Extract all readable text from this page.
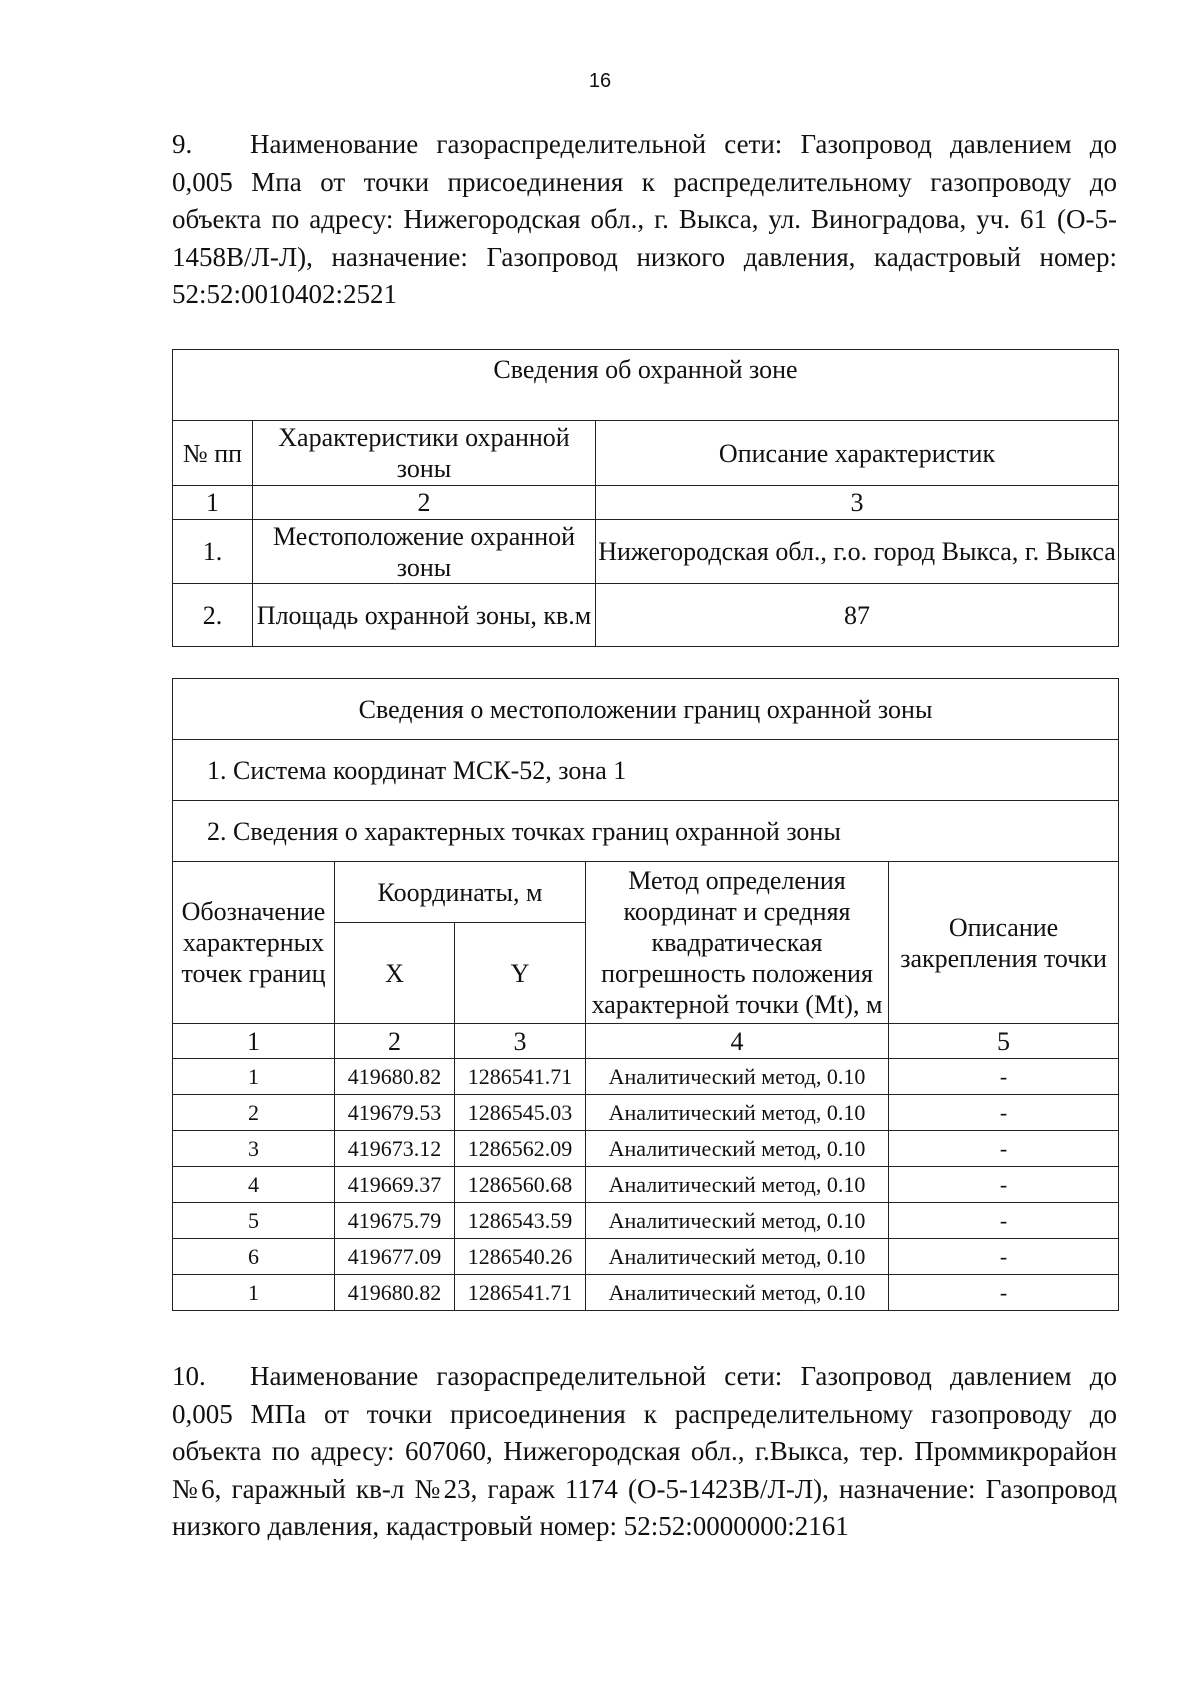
16
9. Наименование газораспределительной сети: Газопровод давлением до 0,005 Мпа от точки присоединения к распределительному газопроводу до объекта по адресу: Нижегородская обл., г. Выкса, ул. Виноградова, уч. 61 (О-5-1458В/Л-Л), назначение: Газопровод низкого давления, кадастровый номер: 52:52:0010402:2521
Сведения об охранной зоне		
№ пп	Характеристики охранной зоны	Описание характеристик
1	2	3
1.	Местоположение охранной зоны	Нижегородская обл., г.о. город Выкса, г. Выкса
2.	Площадь охранной зоны, кв.м	87
Сведения о местоположении границ охранной зоны				
1. Система координат МСК-52, зона 1				
2. Сведения о характерных точках границ охранной зоны				
Обозначение характерных точек границ	Координаты, м		Метод определения координат и средняя квадратическая погрешность положения характерной точки (Mt), м	Описание закрепления точки
	X	Y		
1	2	3	4	5
1	419680.82	1286541.71	Аналитический метод, 0.10	-
2	419679.53	1286545.03	Аналитический метод, 0.10	-
3	419673.12	1286562.09	Аналитический метод, 0.10	-
4	419669.37	1286560.68	Аналитический метод, 0.10	-
5	419675.79	1286543.59	Аналитический метод, 0.10	-
6	419677.09	1286540.26	Аналитический метод, 0.10	-
1	419680.82	1286541.71	Аналитический метод, 0.10	-
10. Наименование газораспределительной сети: Газопровод давлением до 0,005 МПа от точки присоединения к распределительному газопроводу до объекта по адресу: 607060, Нижегородская обл., г.Выкса, тер. Проммикрорайон №6, гаражный кв-л №23, гараж 1174 (О-5-1423В/Л-Л), назначение: Газопровод низкого давления, кадастровый номер: 52:52:0000000:2161
